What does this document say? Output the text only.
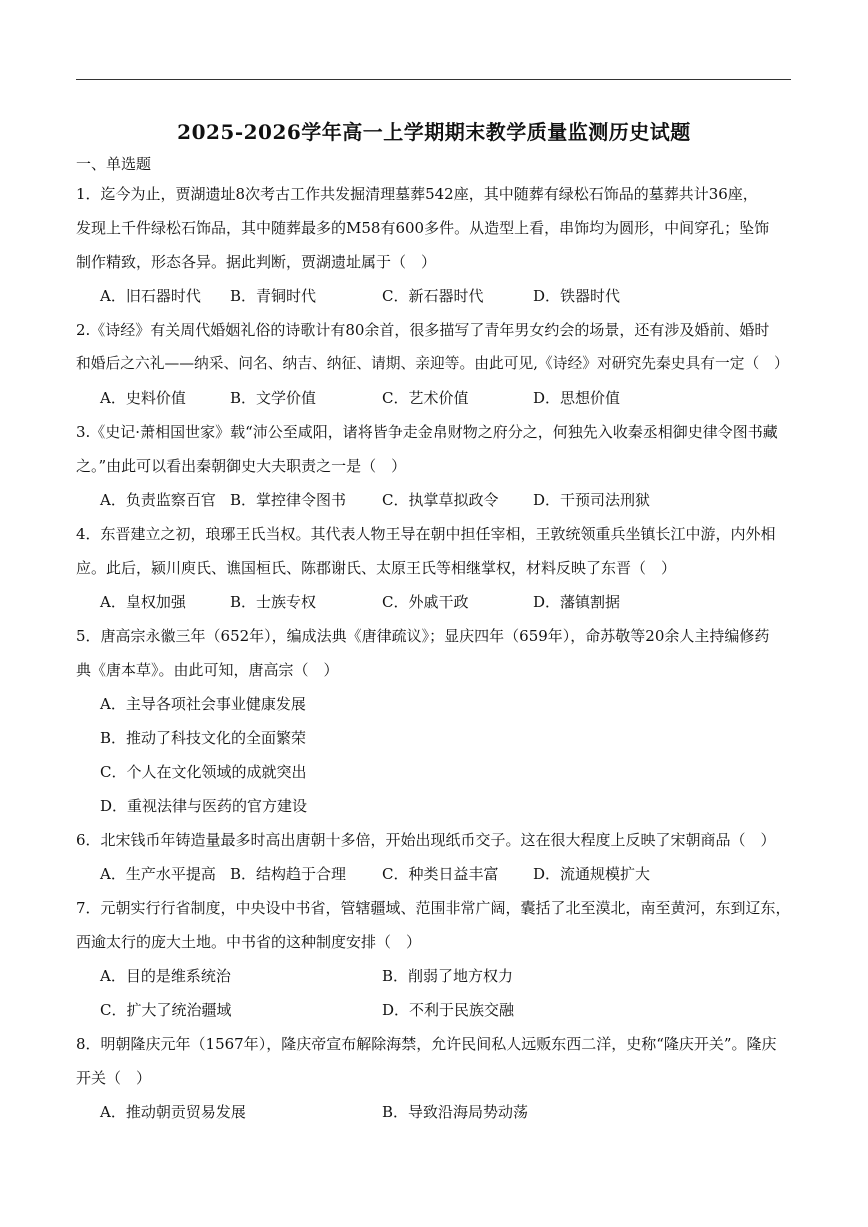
2025-2026学年高一上学期期末教学质量监测历史试题
一、单选题
1．迄今为止，贾湖遗址8次考古工作共发掘清理墓葬542座，其中随葬有绿松石饰品的墓葬共计36座，
发现上千件绿松石饰品，其中随葬最多的M58有600多件。从造型上看，串饰均为圆形，中间穿孔；坠饰
制作精致，形态各异。据此判断，贾湖遗址属于（　）
A．旧石器时代 B．青铜时代	C．新石器时代	D．铁器时代
2.《诗经》有关周代婚姻礼俗的诗歌计有80余首，很多描写了青年男女约会的场景，还有涉及婚前、婚时
和婚后之六礼——纳采、问名、纳吉、纳征、请期、亲迎等。由此可见,《诗经》对研究先秦史具有一定（　）
A．史料价值	B．文学价值	C．艺术价值	D．思想价值
3.《史记·萧相国世家》载“沛公至咸阳，诸将皆争走金帛财物之府分之，何独先入收秦丞相御史律令图书藏
之。”由此可以看出秦朝御史大夫职责之一是（　）
A．负责监察百官 B．掌控律令图书 C．执掌草拟政令 D．干预司法刑狱
4．东晋建立之初，琅琊王氏当权。其代表人物王导在朝中担任宰相，王敦统领重兵坐镇长江中游，内外相
应。此后，颍川庾氏、谯国桓氏、陈郡谢氏、太原王氏等相继掌权，材料反映了东晋（　）
A．皇权加强	B．士族专权	C．外戚干政	D．藩镇割据
5．唐高宗永徽三年（652年），编成法典《唐律疏议》；显庆四年（659年），命苏敬等20余人主持编修药
典《唐本草》。由此可知，唐高宗（　）
A．主导各项社会事业健康发展
B．推动了科技文化的全面繁荣
C．个人在文化领域的成就突出
D．重视法律与医药的官方建设
6．北宋钱币年铸造量最多时高出唐朝十多倍，开始出现纸币交子。这在很大程度上反映了宋朝商品（　）
A．生产水平提高 B．结构趋于合理 C．种类日益丰富 D．流通规模扩大
7．元朝实行行省制度，中央设中书省，管辖疆域、范围非常广阔，囊括了北至漠北，南至黄河，东到辽东，
西逾太行的庞大土地。中书省的这种制度安排（　）
A．目的是维系统治	B．削弱了地方权力
C．扩大了统治疆域	D．不利于民族交融
8．明朝隆庆元年（1567年），隆庆帝宣布解除海禁，允许民间私人远贩东西二洋，史称“隆庆开关”。隆庆
开关（　）
A．推动朝贡贸易发展	B．导致沿海局势动荡
